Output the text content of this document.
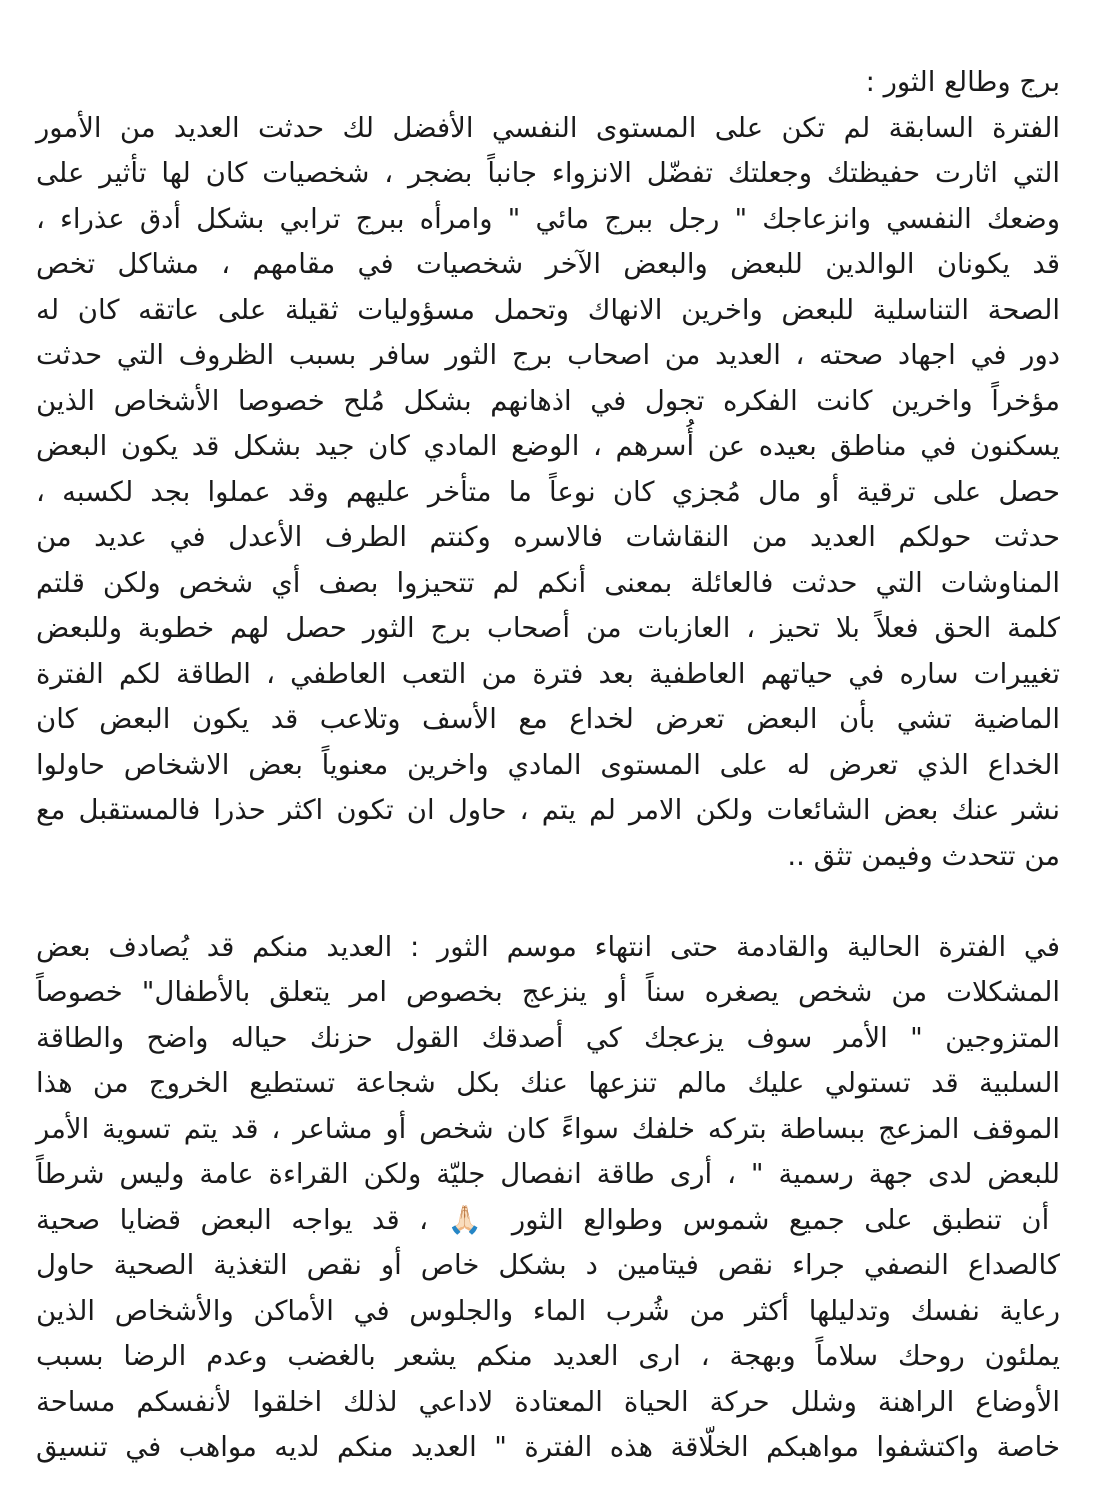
برج وطالع الثور :
الفترة السابقة لم تكن على المستوى النفسي الأفضل لك حدثت العديد من الأمور
التي اثارت حفيظتك وجعلتك تفضّل الانزواء جانباً بضجر ، شخصيات كان لها تأثير على
وضعك النفسي وانزعاجك " رجل ببرج مائي " وامرأه ببرج ترابي بشكل أدق عذراء ،
قد يكونان الوالدين للبعض والبعض الآخر شخصيات في مقامهم ، مشاكل تخص
الصحة التناسلية للبعض واخرين الانهاك وتحمل مسؤوليات ثقيلة على عاتقه كان له
دور في اجهاد صحته ، العديد من اصحاب برج الثور سافر بسبب الظروف التي حدثت
مؤخراً واخرين كانت الفكره تجول في اذهانهم بشكل مُلح خصوصا الأشخاص الذين
يسكنون في مناطق بعيده عن أُسرهم ، الوضع المادي كان جيد بشكل قد يكون البعض
حصل على ترقية أو مال مُجزي كان نوعاً ما متأخر عليهم وقد عملوا بجد لكسبه ،
حدثت حولكم العديد من النقاشات فالاسره وكنتم الطرف الأعدل في عديد من
المناوشات التي حدثت فالعائلة بمعنى أنكم لم تتحيزوا بصف أي شخص ولكن قلتم
كلمة الحق فعلاً بلا تحيز ، العازبات من أصحاب برج الثور حصل لهم خطوبة وللبعض
تغييرات ساره في حياتهم العاطفية بعد فترة من التعب العاطفي ، الطاقة لكم الفترة
الماضية تشي بأن البعض تعرض لخداع مع الأسف وتلاعب قد يكون البعض كان
الخداع الذي تعرض له على المستوى المادي واخرين معنوياً بعض الاشخاص حاولوا
نشر عنك بعض الشائعات ولكن الامر لم يتم ، حاول ان تكون اكثر حذرا فالمستقبل مع
من تتحدث وفيمن تثق ..
في الفترة الحالية والقادمة حتى انتهاء موسم الثور : العديد منكم قد يُصادف بعض
المشكلات من شخص يصغره سناً أو ينزعج بخصوص امر يتعلق بالأطفال" خصوصاً
المتزوجين " الأمر سوف يزعجك كي أصدقك القول حزنك حياله واضح والطاقة
السلبية قد تستولي عليك مالم تنزعها عنك بكل شجاعة تستطيع الخروج من هذا
الموقف المزعج ببساطة بتركه خلفك سواءً كان شخص أو مشاعر ، قد يتم تسوية الأمر
للبعض لدى جهة رسمية " ، أرى طاقة انفصال جليّة ولكن القراءة عامة وليس شرطاً
أن تنطبق على جميع شموس وطوالع الثور 🙏🏻 ، قد يواجه البعض قضايا صحية
كالصداع النصفي جراء نقص فيتامين د بشكل خاص أو نقص التغذية الصحية حاول
رعاية نفسك وتدليلها أكثر من شُرب الماء والجلوس في الأماكن والأشخاص الذين
يملئون روحك سلاماً وبهجة ، ارى العديد منكم يشعر بالغضب وعدم الرضا بسبب
الأوضاع الراهنة وشلل حركة الحياة المعتادة لاداعي لذلك اخلقوا لأنفسكم مساحة
خاصة واكتشفوا مواهبكم الخلّاقة هذه الفترة " العديد منكم لديه مواهب في تنسيق
